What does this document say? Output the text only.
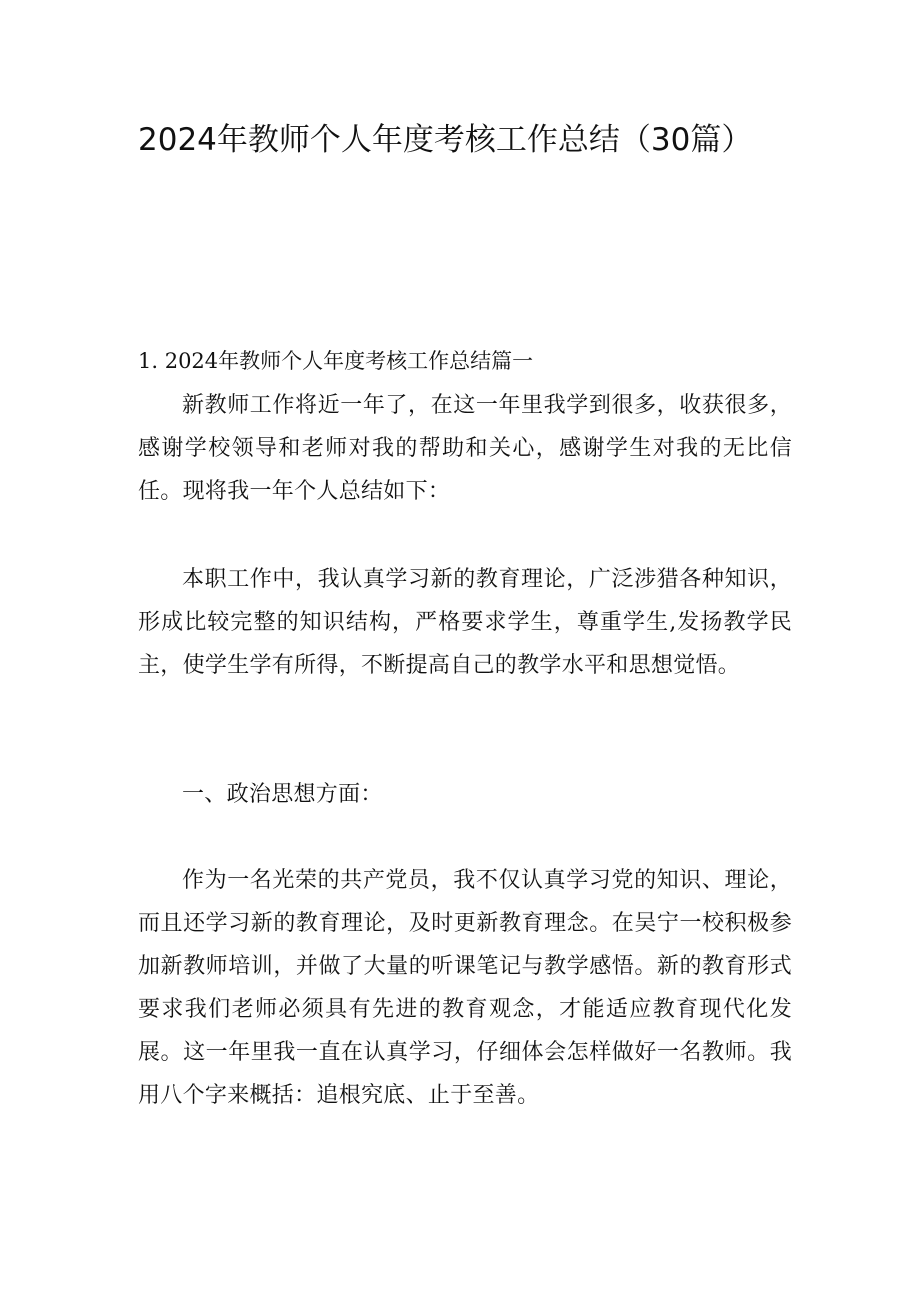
2024年教师个人年度考核工作总结（30篇）
1. 2024年教师个人年度考核工作总结篇一

新教师工作将近一年了，在这一年里我学到很多，收获很多，感谢学校领导和老师对我的帮助和关心，感谢学生对我的无比信任。现将我一年个人总结如下：

本职工作中，我认真学习新的教育理论，广泛涉猎各种知识，形成比较完整的知识结构，严格要求学生，尊重学生,发扬教学民主，使学生学有所得，不断提高自己的教学水平和思想觉悟。

一、政治思想方面：

作为一名光荣的共产党员，我不仅认真学习党的知识、理论，而且还学习新的教育理论，及时更新教育理念。在吴宁一校积极参加新教师培训，并做了大量的听课笔记与教学感悟。新的教育形式要求我们老师必须具有先进的教育观念，才能适应教育现代化发展。这一年里我一直在认真学习，仔细体会怎样做好一名教师。我用八个字来概括：追根究底、止于至善。
